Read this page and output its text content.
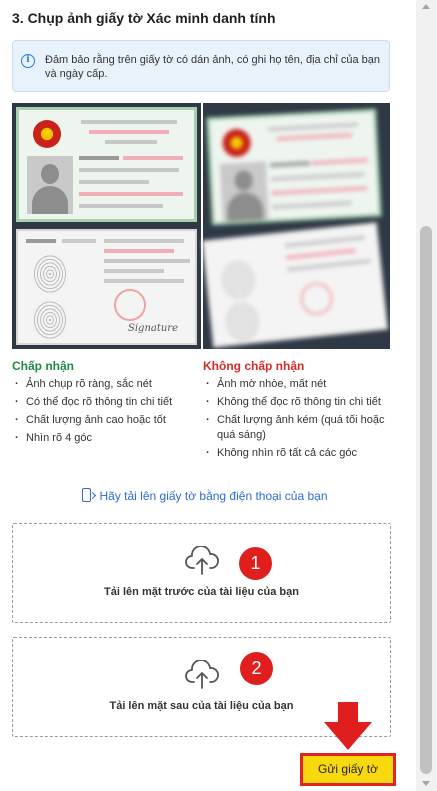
3. Chụp ảnh giấy tờ Xác minh danh tính
i	Đảm bảo rằng trên giấy tờ có dán ảnh, có ghi họ tên, địa chỉ của bạn và ngày cấp.
★
Signature
★
Chấp nhận
· Ảnh chụp rõ ràng, sắc nét
· Có thể đọc rõ thông tin chi tiết
· Chất lượng ảnh cao hoặc tốt
· Nhìn rõ 4 góc
Không chấp nhận
· Ảnh mờ nhòe, mất nét
· Không thể đọc rõ thông tin chi tiết
· Chất lượng ảnh kém (quá tối hoặc quá sáng)
· Không nhìn rõ tất cả các góc
Hãy tải lên giấy tờ bằng điện thoại của bạn
Tải lên mặt trước của tài liệu của bạn
1
Tải lên mặt sau của tài liệu của bạn
2
Gửi giấy tờ
